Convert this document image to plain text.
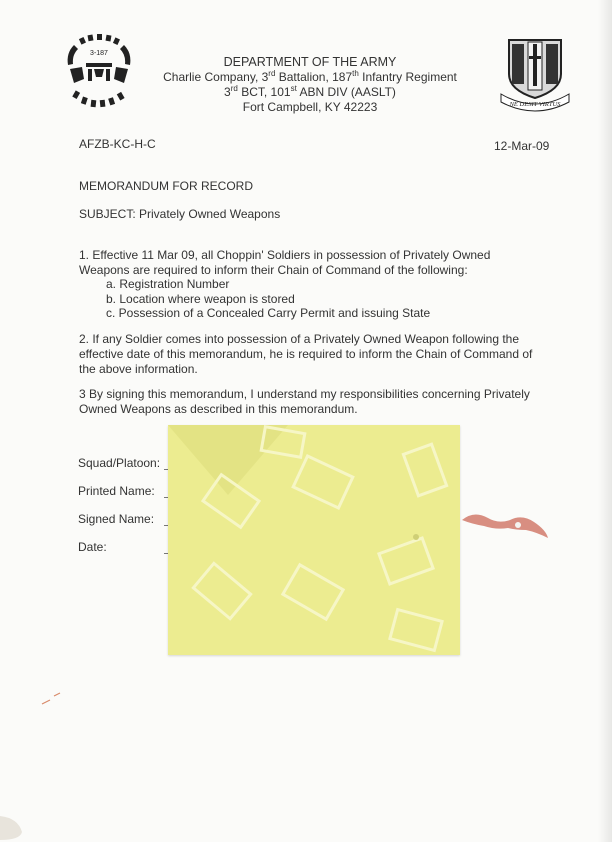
3-187
NE DESIT VIRTUS
DEPARTMENT OF THE ARMY
Charlie Company, 3rd Battalion, 187th Infantry Regiment
3rd BCT, 101st ABN DIV (AASLT)
Fort Campbell, KY 42223
AFZB-KC-H-C	12-Mar-09
MEMORANDUM FOR RECORD
SUBJECT: Privately Owned Weapons
1. Effective 11 Mar 09, all Choppin' Soldiers in possession of Privately Owned
Weapons are required to inform their Chain of Command of the following:
a. Registration Number
b. Location where weapon is stored
c. Possession of a Concealed Carry Permit and issuing State
2. If any Soldier comes into possession of a Privately Owned Weapon following the
effective date of this memorandum, he is required to inform the Chain of Command of
the above information.
3 By signing this memorandum, I understand my responsibilities concerning Privately
Owned Weapons as described in this memorandum.
Squad/Platoon:
Printed Name:
Signed Name:
Date:
